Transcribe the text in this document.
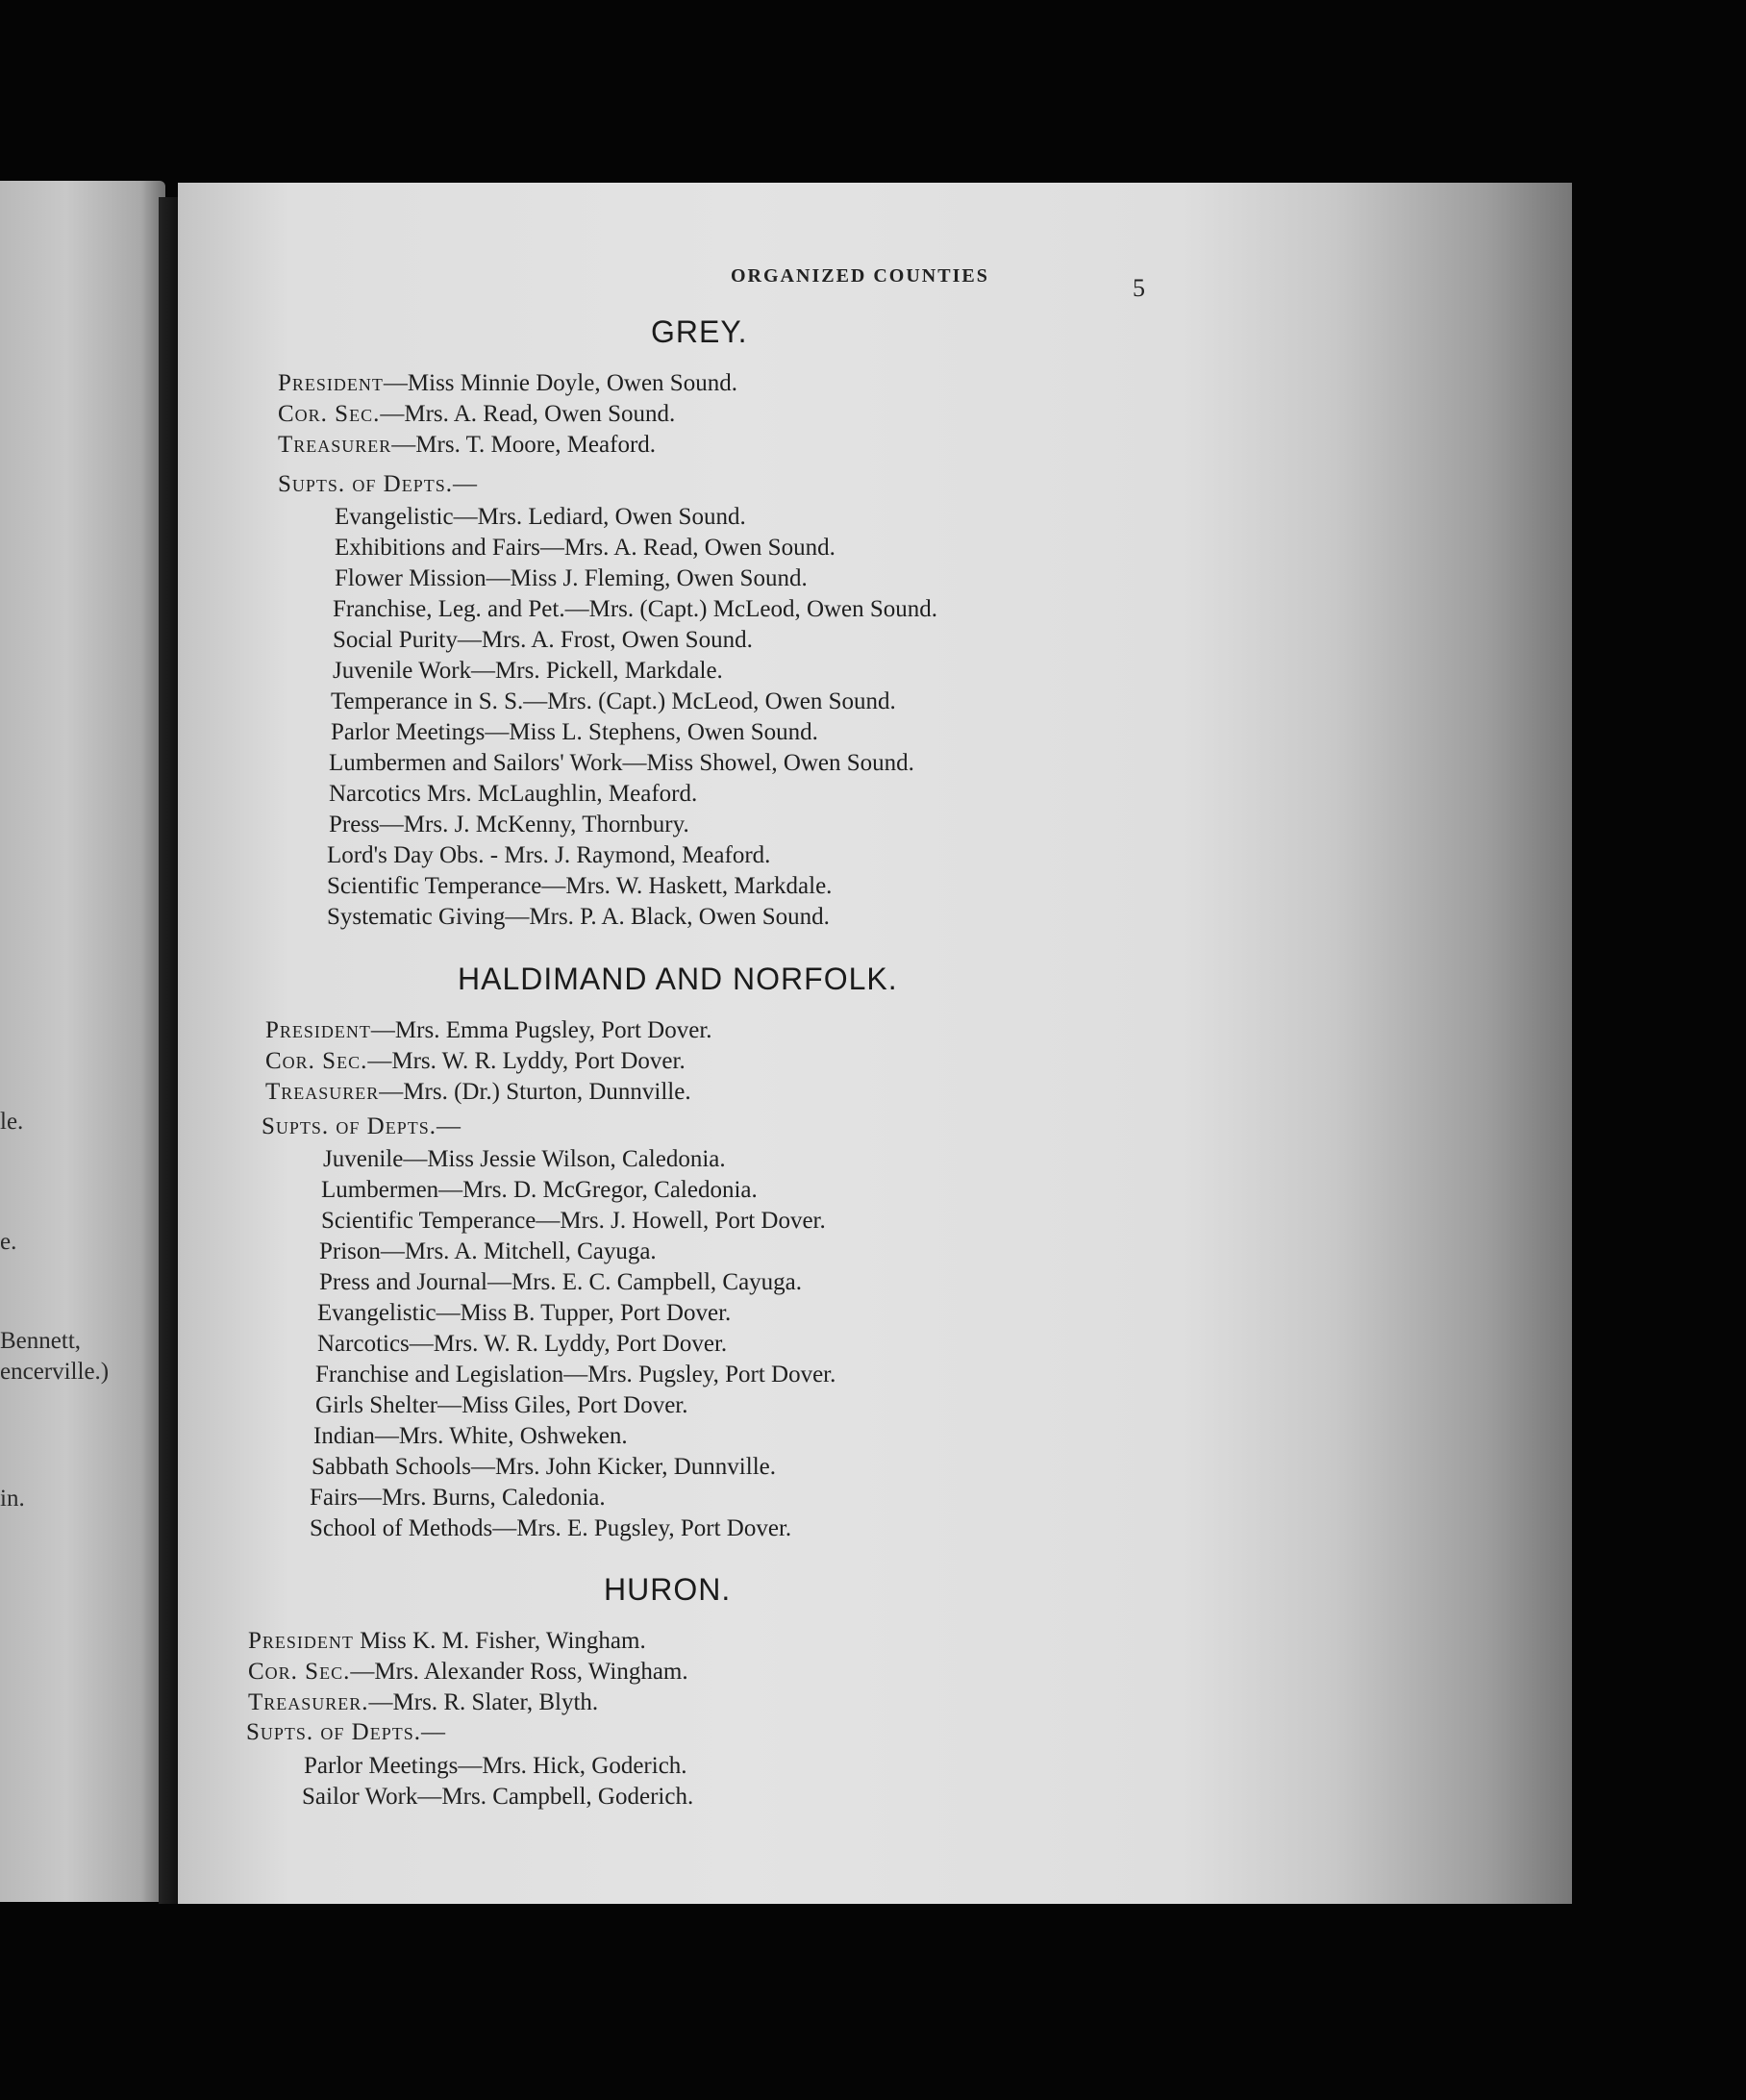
le.
e.
Bennett,
encerville.)
in.
ORGANIZED COUNTIES	5
GREY.
President—Miss Minnie Doyle, Owen Sound.
Cor. Sec.—Mrs. A. Read, Owen Sound.
Treasurer—Mrs. T. Moore, Meaford.
Supts. of Depts.—
Evangelistic—Mrs. Lediard, Owen Sound.
Exhibitions and Fairs—Mrs. A. Read, Owen Sound.
Flower Mission—Miss J. Fleming, Owen Sound.
Franchise, Leg. and Pet.—Mrs. (Capt.) McLeod, Owen Sound.
Social Purity—Mrs. A. Frost, Owen Sound.
Juvenile Work—Mrs. Pickell, Markdale.
Temperance in S. S.—Mrs. (Capt.) McLeod, Owen Sound.
Parlor Meetings—Miss L. Stephens, Owen Sound.
Lumbermen and Sailors' Work—Miss Showel, Owen Sound.
Narcotics Mrs. McLaughlin, Meaford.
Press—Mrs. J. McKenny, Thornbury.
Lord's Day Obs. - Mrs. J. Raymond, Meaford.
Scientific Temperance—Mrs. W. Haskett, Markdale.
Systematic Giving—Mrs. P. A. Black, Owen Sound.
HALDIMAND AND NORFOLK.
President—Mrs. Emma Pugsley, Port Dover.
Cor. Sec.—Mrs. W. R. Lyddy, Port Dover.
Treasurer—Mrs. (Dr.) Sturton, Dunnville.
Supts. of Depts.—
Juvenile—Miss Jessie Wilson, Caledonia.
Lumbermen—Mrs. D. McGregor, Caledonia.
Scientific Temperance—Mrs. J. Howell, Port Dover.
Prison—Mrs. A. Mitchell, Cayuga.
Press and Journal—Mrs. E. C. Campbell, Cayuga.
Evangelistic—Miss B. Tupper, Port Dover.
Narcotics—Mrs. W. R. Lyddy, Port Dover.
Franchise and Legislation—Mrs. Pugsley, Port Dover.
Girls Shelter—Miss Giles, Port Dover.
Indian—Mrs. White, Oshweken.
Sabbath Schools—Mrs. John Kicker, Dunnville.
Fairs—Mrs. Burns, Caledonia.
School of Methods—Mrs. E. Pugsley, Port Dover.
HURON.
President Miss K. M. Fisher, Wingham.
Cor. Sec.—Mrs. Alexander Ross, Wingham.
Treasurer.—Mrs. R. Slater, Blyth.
Supts. of Depts.—
Parlor Meetings—Mrs. Hick, Goderich.
Sailor Work—Mrs. Campbell, Goderich.
